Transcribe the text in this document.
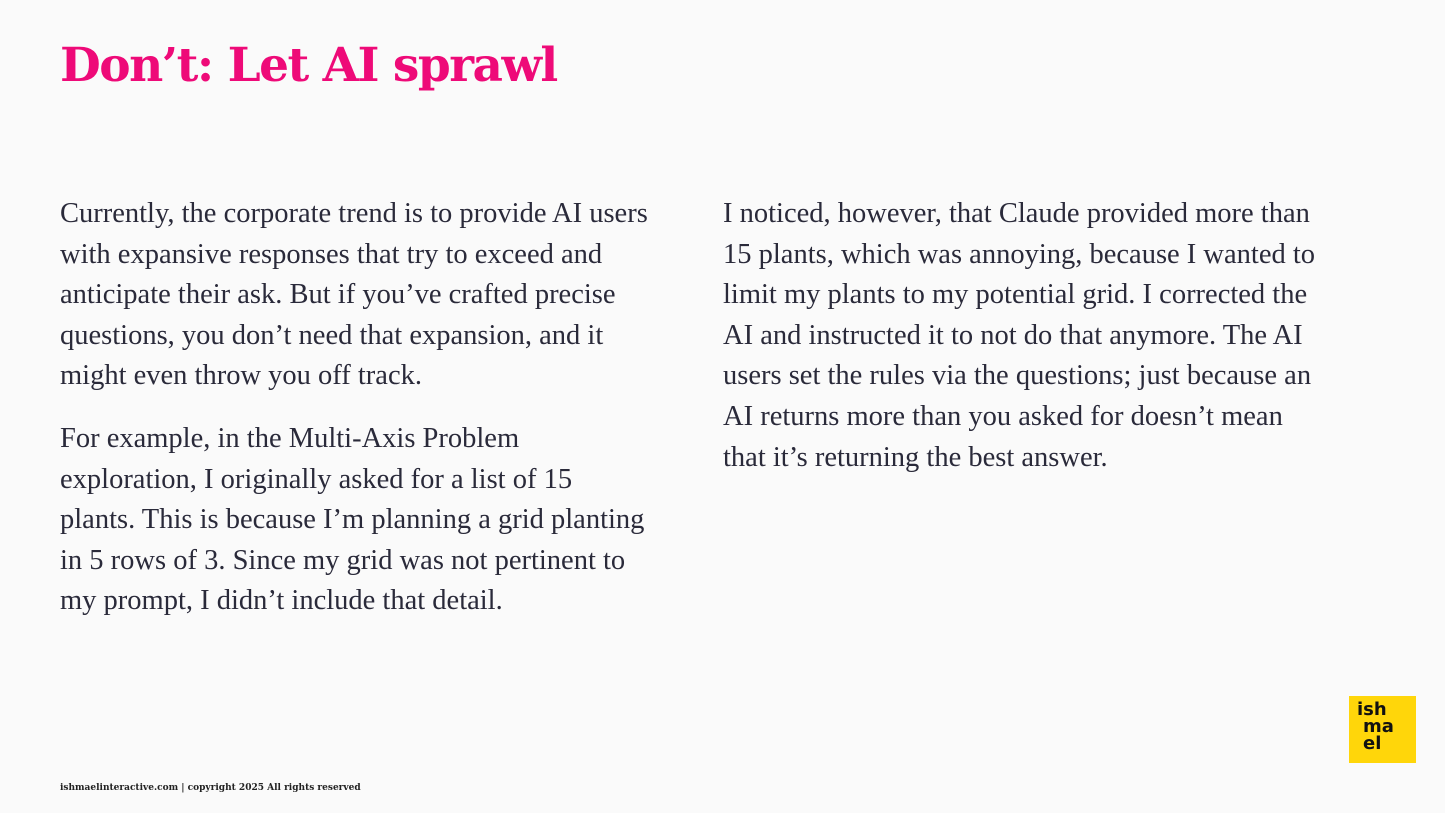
Don’t: Let AI sprawl

Currently, the corporate trend is to provide AI users with expansive responses that try to exceed and anticipate their ask. But if you’ve crafted precise questions, you don’t need that expansion, and it might even throw you off track.

For example, in the Multi-Axis Problem exploration, I originally asked for a list of 15 plants. This is because I’m planning a grid planting in 5 rows of 3. Since my grid was not pertinent to my prompt, I didn’t include that detail.

I noticed, however, that Claude provided more than 15 plants, which was annoying, because I wanted to limit my plants to my potential grid. I corrected the AI and instructed it to not do that anymore. The AI users set the rules via the questions; just because an AI returns more than you asked for doesn’t mean that it’s returning the best answer.

ishmaelinteractive.com | copyright 2025 All rights reserved
ish
ma
el
